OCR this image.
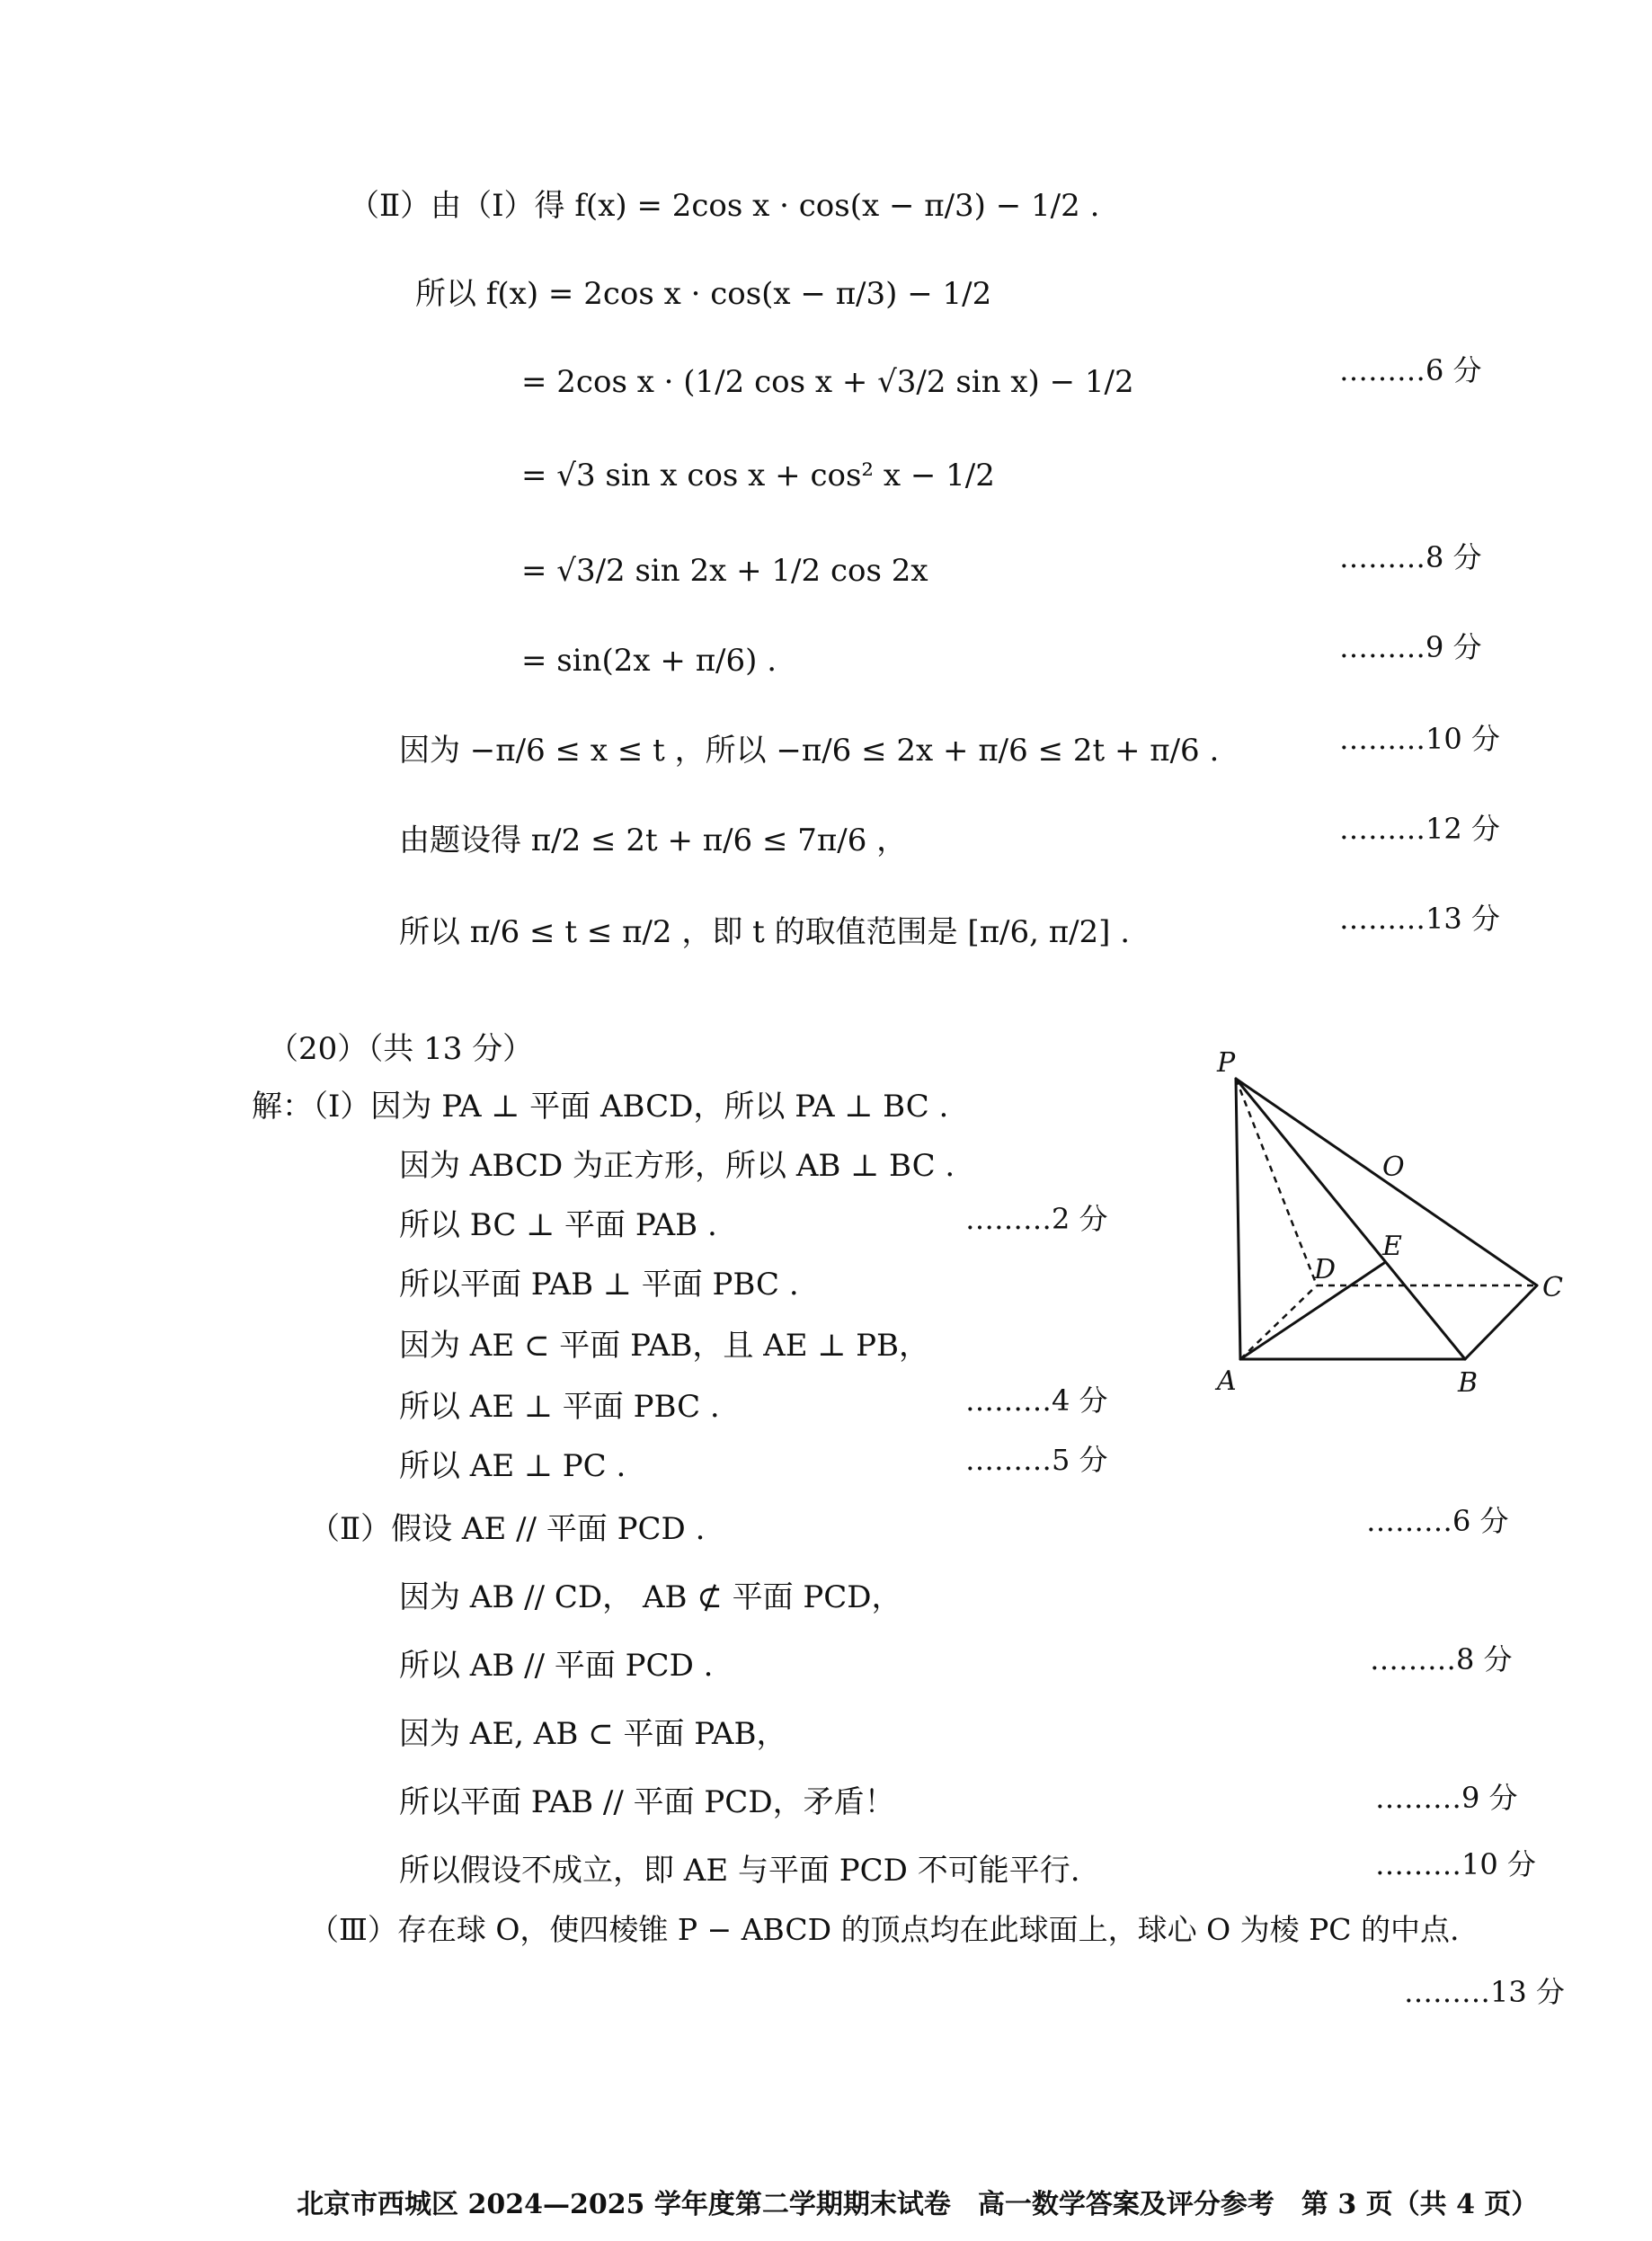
（Ⅱ）由（Ⅰ）得 f(x) = 2cos x · cos(x − π/3) − 1/2 .
所以 f(x) = 2cos x · cos(x − π/3) − 1/2
= 2cos x · (1/2 cos x + √3/2 sin x) − 1/2
= √3 sin x cos x + cos² x − 1/2
= √3/2 sin 2x + 1/2 cos 2x
= sin(2x + π/6) .
因为 −π/6 ≤ x ≤ t ，所以 −π/6 ≤ 2x + π/6 ≤ 2t + π/6 .
由题设得 π/2 ≤ 2t + π/6 ≤ 7π/6 ，
所以 π/6 ≤ t ≤ π/2 ，即 t 的取值范围是 [π/6, π/2] .
………6 分
………8 分
………9 分
………10 分
………12 分
………13 分
（20）（共 13 分）
解：（Ⅰ）因为 PA ⊥ 平面 ABCD，所以 PA ⊥ BC .
因为 ABCD 为正方形，所以 AB ⊥ BC .
所以 BC ⊥ 平面 PAB .
所以平面 PAB ⊥ 平面 PBC .
因为 AE ⊂ 平面 PAB，且 AE ⊥ PB，
所以 AE ⊥ 平面 PBC .
所以 AE ⊥ PC .
（Ⅱ）假设 AE // 平面 PCD .
因为 AB // CD， AB ⊄ 平面 PCD，
所以 AB // 平面 PCD .
因为 AE, AB ⊂ 平面 PAB，
所以平面 PAB // 平面 PCD，矛盾！
所以假设不成立，即 AE 与平面 PCD 不可能平行.
（Ⅲ）存在球 O，使四棱锥 P − ABCD 的顶点均在此球面上，球心 O 为棱 PC 的中点.
………2 分
………4 分
………5 分
………6 分
………8 分
………9 分
………10 分
………13 分
P
O
D
E
C
A	B
北京市西城区 2024—2025 学年度第二学期期末试卷　高一数学答案及评分参考　第 3 页（共 4 页）
